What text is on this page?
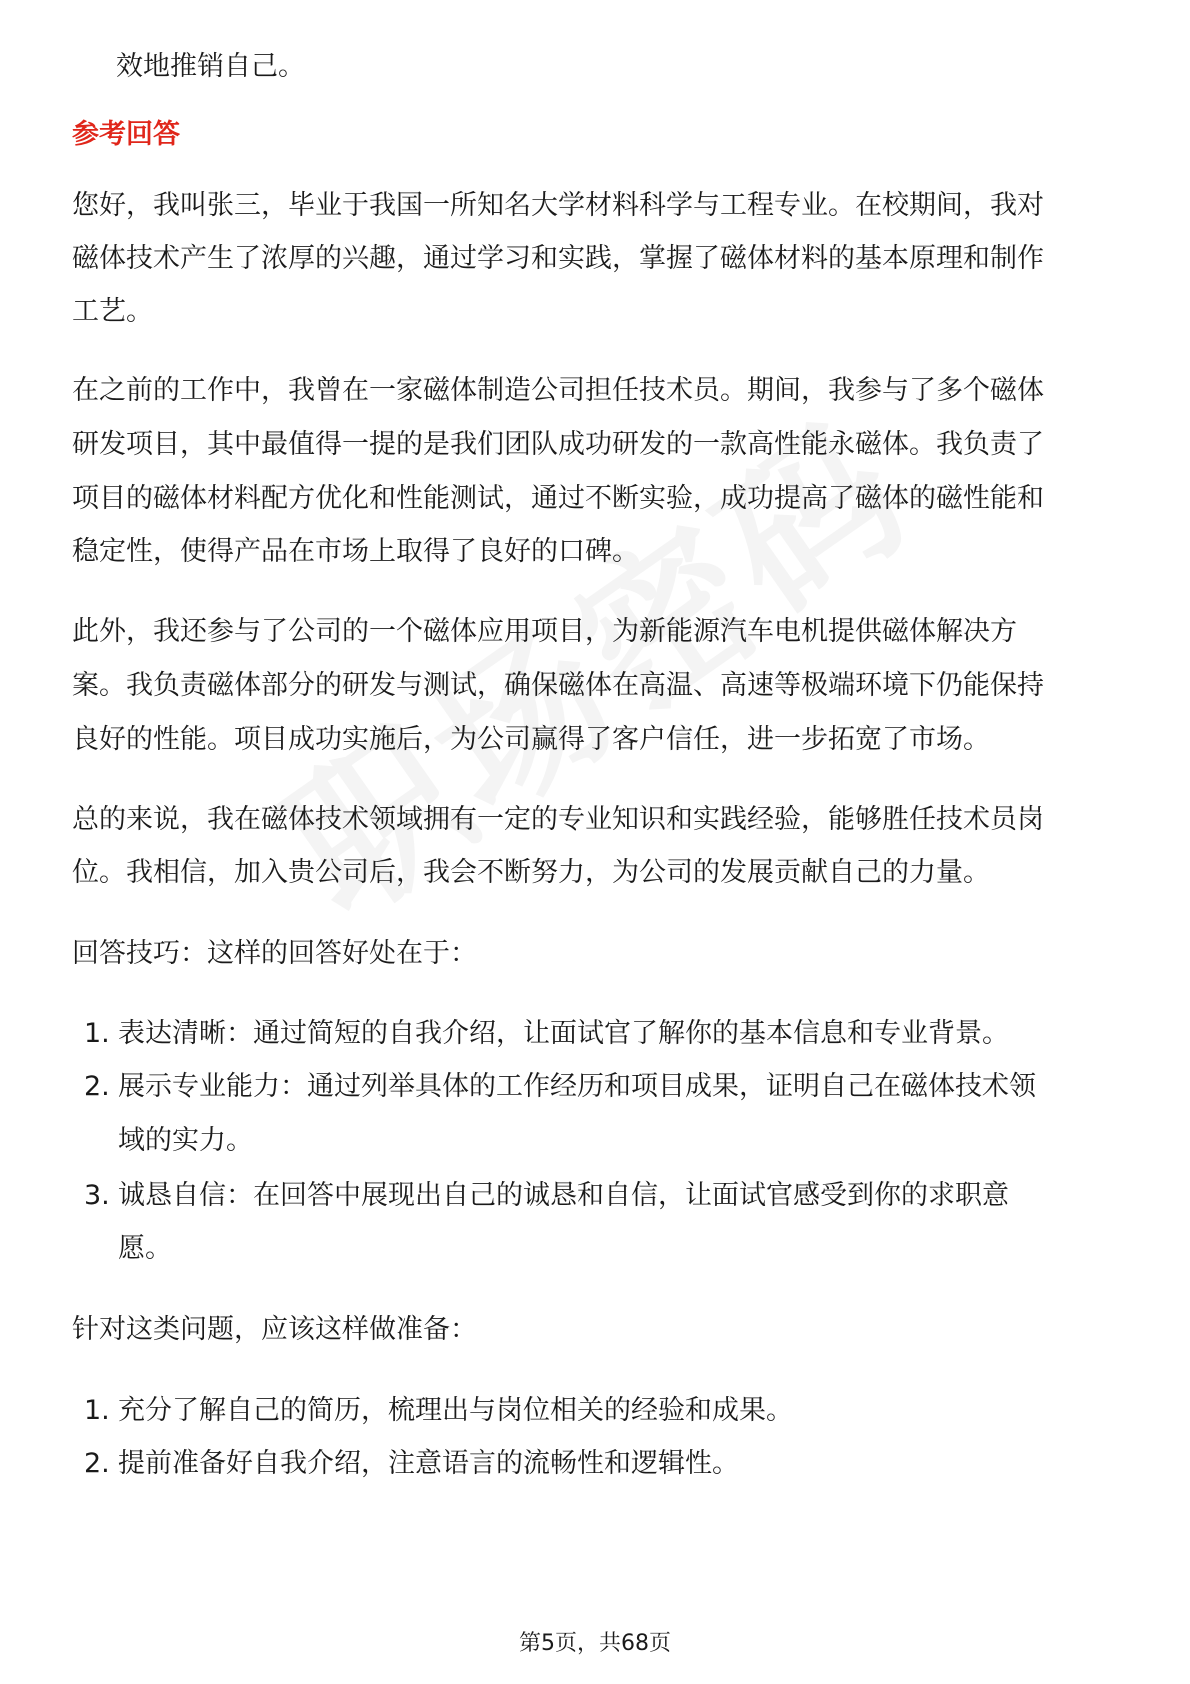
效地推销自己。
参考回答
您好，我叫张三，毕业于我国一所知名大学材料科学与工程专业。在校期间，我对
磁体技术产生了浓厚的兴趣，通过学习和实践，掌握了磁体材料的基本原理和制作
工艺。
在之前的工作中，我曾在一家磁体制造公司担任技术员。期间，我参与了多个磁体
研发项目，其中最值得一提的是我们团队成功研发的一款高性能永磁体。我负责了
项目的磁体材料配方优化和性能测试，通过不断实验，成功提高了磁体的磁性能和
稳定性，使得产品在市场上取得了良好的口碑。
此外，我还参与了公司的一个磁体应用项目，为新能源汽车电机提供磁体解决方
案。我负责磁体部分的研发与测试，确保磁体在高温、高速等极端环境下仍能保持
良好的性能。项目成功实施后，为公司赢得了客户信任，进一步拓宽了市场。
总的来说，我在磁体技术领域拥有一定的专业知识和实践经验，能够胜任技术员岗
位。我相信，加入贵公司后，我会不断努力，为公司的发展贡献自己的力量。
回答技巧：这样的回答好处在于：
1. 表达清晰：通过简短的自我介绍，让面试官了解你的基本信息和专业背景。
2. 展示专业能力：通过列举具体的工作经历和项目成果，证明自己在磁体技术领
域的实力。
3. 诚恳自信：在回答中展现出自己的诚恳和自信，让面试官感受到你的求职意
愿。
针对这类问题，应该这样做准备：
1. 充分了解自己的简历，梳理出与岗位相关的经验和成果。
2. 提前准备好自我介绍，注意语言的流畅性和逻辑性。
第5页，共68页
